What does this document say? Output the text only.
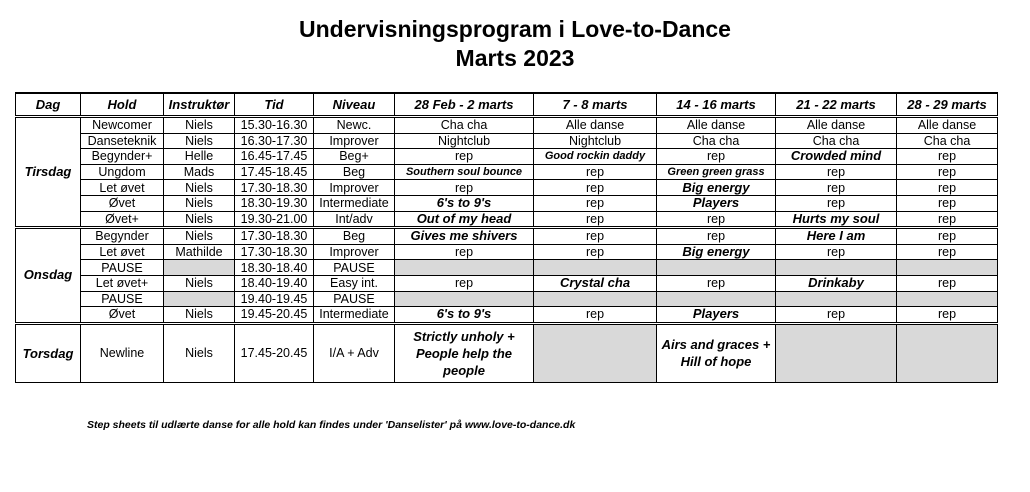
Undervisningsprogram i Love-to-Dance
Marts 2023
Dag	Hold	Instruktør	Tid	Niveau	28 Feb - 2 marts	7 - 8 marts	14 - 16 marts	21 - 22 marts	28 - 29 marts
Tirsdag	Newcomer	Niels	15.30-16.30	Newc.	Cha cha	Alle danse	Alle danse	Alle danse	Alle danse
	Danseteknik	Niels	16.30-17.30	Improver	Nightclub	Nightclub	Cha cha	Cha cha	Cha cha
	Begynder+	Helle	16.45-17.45	Beg+	rep	Good rockin daddy	rep	Crowded mind	rep
	Ungdom	Mads	17.45-18.45	Beg	Southern soul bounce	rep	Green green grass	rep	rep
	Let øvet	Niels	17.30-18.30	Improver	rep	rep	Big energy	rep	rep
	Øvet	Niels	18.30-19.30	Intermediate	6's to 9's	rep	Players	rep	rep
	Øvet+	Niels	19.30-21.00	Int/adv	Out of my head	rep	rep	Hurts my soul	rep
Onsdag	Begynder	Niels	17.30-18.30	Beg	Gives me shivers	rep	rep	Here I am	rep
	Let øvet	Mathilde	17.30-18.30	Improver	rep	rep	Big energy	rep	rep
	PAUSE		18.30-18.40	PAUSE					
	Let øvet+	Niels	18.40-19.40	Easy int.	rep	Crystal cha	rep	Drinkaby	rep
	PAUSE		19.40-19.45	PAUSE					
	Øvet	Niels	19.45-20.45	Intermediate	6's to 9's	rep	Players	rep	rep
Torsdag	Newline	Niels	17.45-20.45	I/A + Adv	Strictly unholy + People help the people		Airs and graces + Hill of hope		
Step sheets til udlærte danse for alle hold kan findes under 'Danselister' på www.love-to-dance.dk
